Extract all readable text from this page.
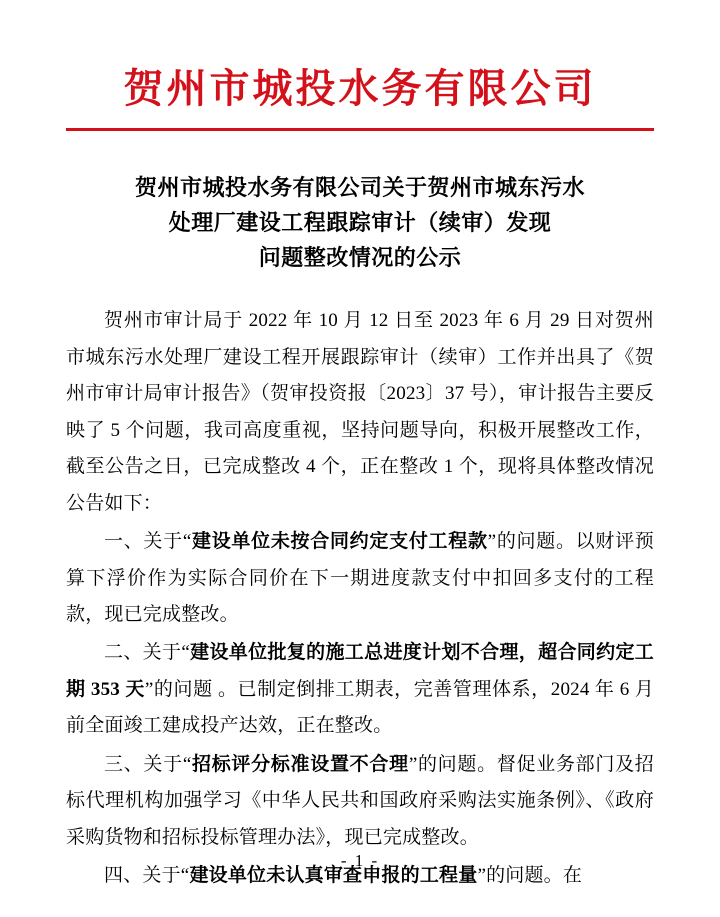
贺州市城投水务有限公司
贺州市城投水务有限公司关于贺州市城东污水
处理厂建设工程跟踪审计（续审）发现
问题整改情况的公示

贺州市审计局于 2022 年 10 月 12 日至 2023 年 6 月 29 日对贺州市城东污水处理厂建设工程开展跟踪审计（续审）工作并出具了《贺州市审计局审计报告》（贺审投资报〔2023〕37 号），审计报告主要反映了 5 个问题，我司高度重视，坚持问题导向，积极开展整改工作，截至公告之日，已完成整改 4 个，正在整改 1 个，现将具体整改情况公告如下：

一、关于“建设单位未按合同约定支付工程款”的问题。以财评预算下浮价作为实际合同价在下一期进度款支付中扣回多支付的工程款，现已完成整改。

二、关于“建设单位批复的施工总进度计划不合理，超合同约定工期 353 天”的问题 。已制定倒排工期表，完善管理体系，2024 年 6 月前全面竣工建成投产达效，正在整改。

三、关于“招标评分标准设置不合理”的问题。督促业务部门及招标代理机构加强学习《中华人民共和国政府采购法实施条例》、《政府采购货物和招标投标管理办法》，现已完成整改。

四、关于“建设单位未认真审查申报的工程量”的问题。在

- 1 -
